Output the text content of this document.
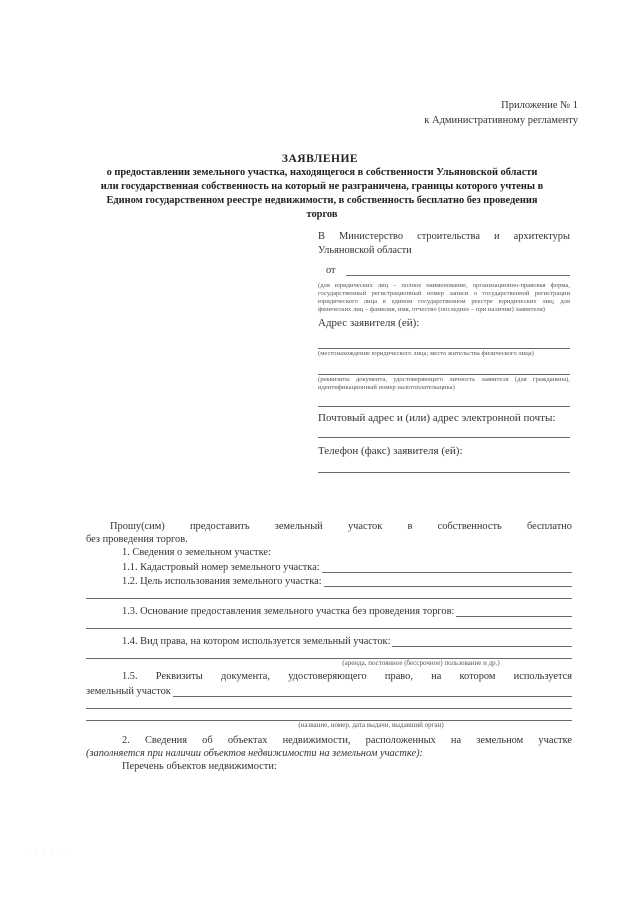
Приложение № 1
к Административному регламенту
ЗАЯВЛЕНИЕ
о предоставлении земельного участка, находящегося в собственности Ульяновской области или государственная собственность на который не разграничена, границы которого учтены в Едином государственном реестре недвижимости, в собственность бесплатно без проведения торгов
В Министерство строительства и архитектуры Ульяновской области
от
(для юридических лиц – полное наименование, организационно-правовая форма, государственный регистрационный номер записи о государственной регистрации юридического лица в едином государственном реестре юридических лиц; для физических лиц – фамилия, имя, отчество (последнее – при наличии) заявителя)
Адрес заявителя (ей):
(местонахождение юридического лица; место жительства физического лица)
(реквизиты документа, удостоверяющего личность заявителя (для гражданина), идентификационный номер налогоплательщика)
Почтовый адрес и (или) адрес электронной почты:
Телефон (факс) заявителя (ей):
Прошу(сим) предоставить земельный участок в собственность бесплатно
без проведения торгов.
1. Сведения о земельном участке:
1.1. Кадастровый номер земельного участка:
1.2. Цель использования земельного участка:
1.3. Основание предоставления земельного участка без проведения торгов:
1.4. Вид права, на котором используется земельный участок:
(аренда, постоянное (бессрочное) пользование и др.)
1.5. Реквизиты документа, удостоверяющего право, на котором используется
земельный участок
(название, номер, дата выдачи, выдавший орган)
2. Сведения об объектах недвижимости, расположенных на земельном участке
(заполняется при наличии объектов недвижимости на земельном участке):
Перечень объектов недвижимости:
· · · · · ·
